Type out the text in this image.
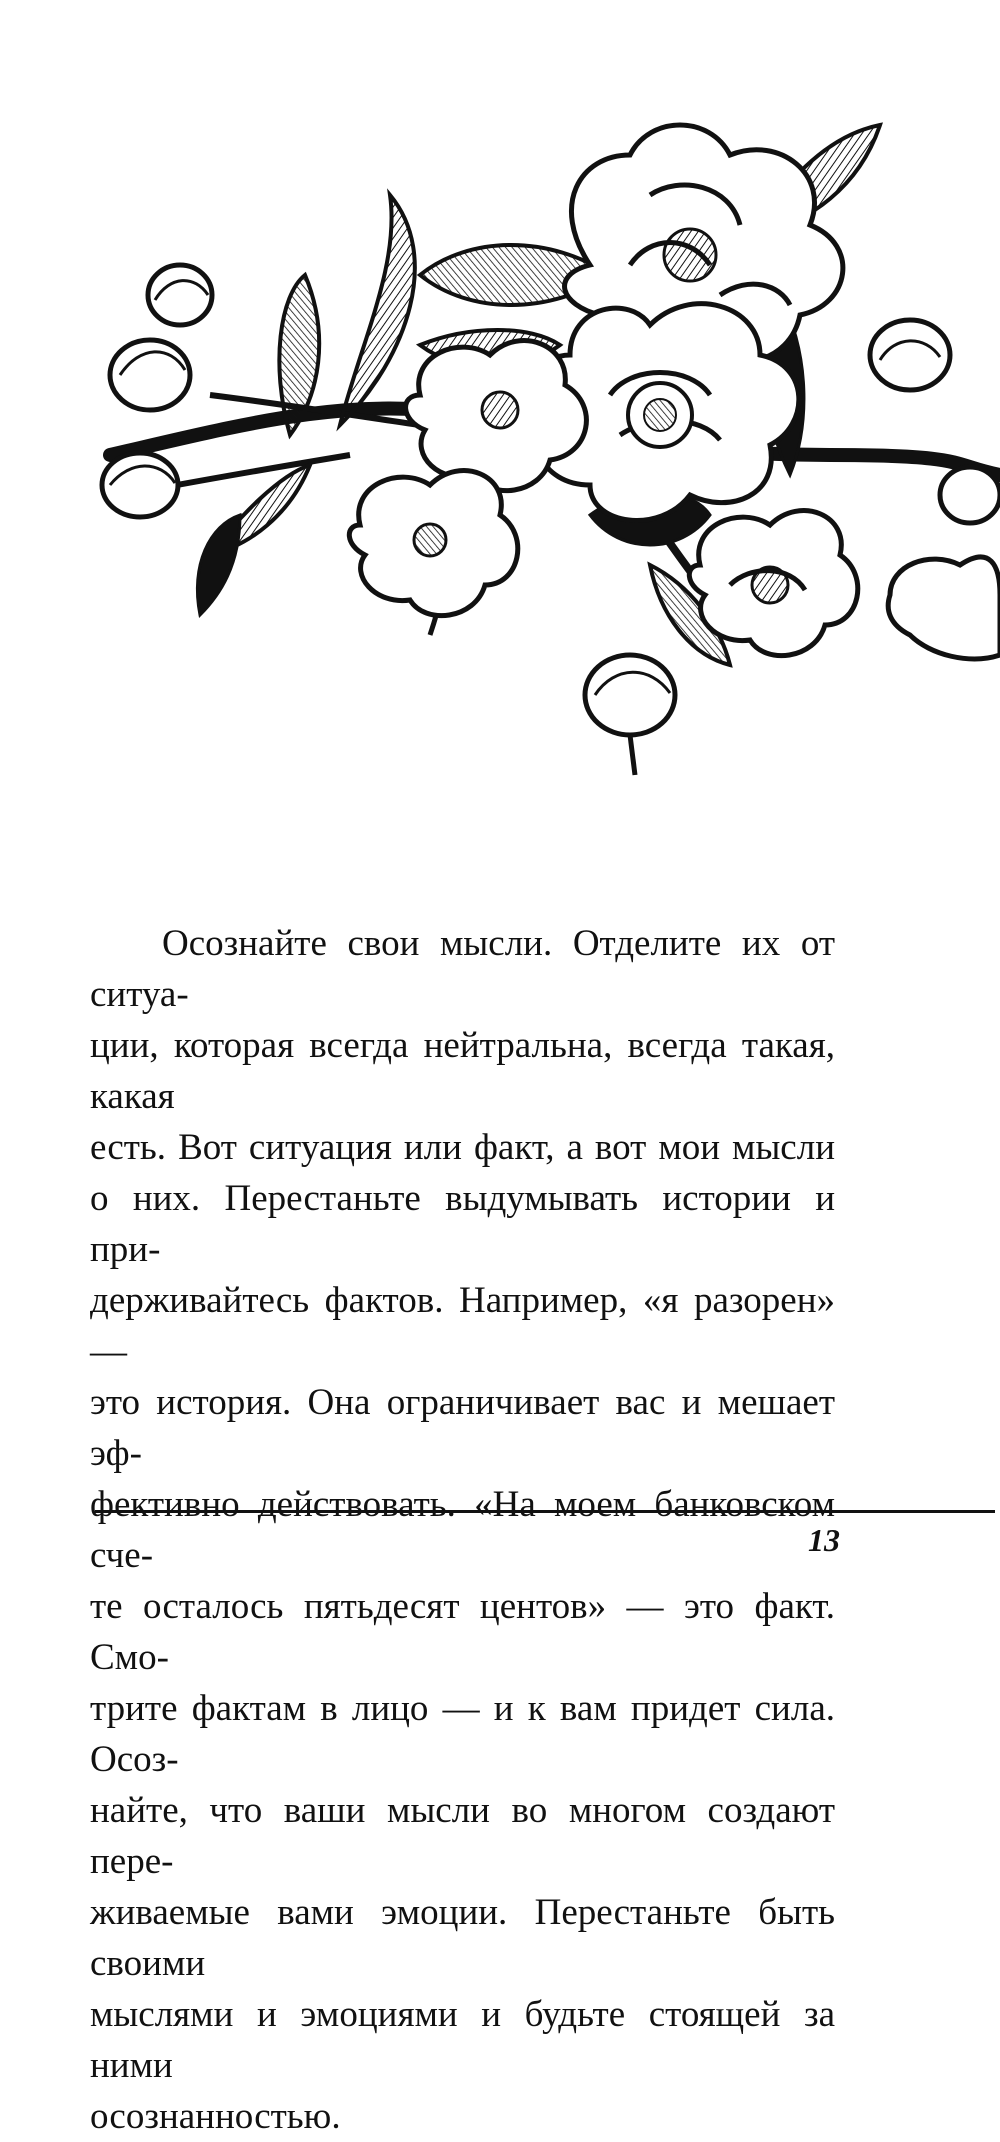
Осознайте свои мысли. Отделите их от ситуа-
ции, которая всегда нейтральна, всегда такая, какая
есть. Вот ситуация или факт, а вот мои мысли
о них. Перестаньте выдумывать истории и при-
держивайтесь фактов. Например, «я разорен» —
это история. Она ограничивает вас и мешает эф-
фективно действовать. «На моем банковском сче-
те осталось пятьдесят центов» — это факт. Смо-
трите фактам в лицо — и к вам придет сила. Осоз-
найте, что ваши мысли во многом создают пере-
живаемые вами эмоции. Перестаньте быть своими
мыслями и эмоциями и будьте стоящей за ними
осознанностью.

13
